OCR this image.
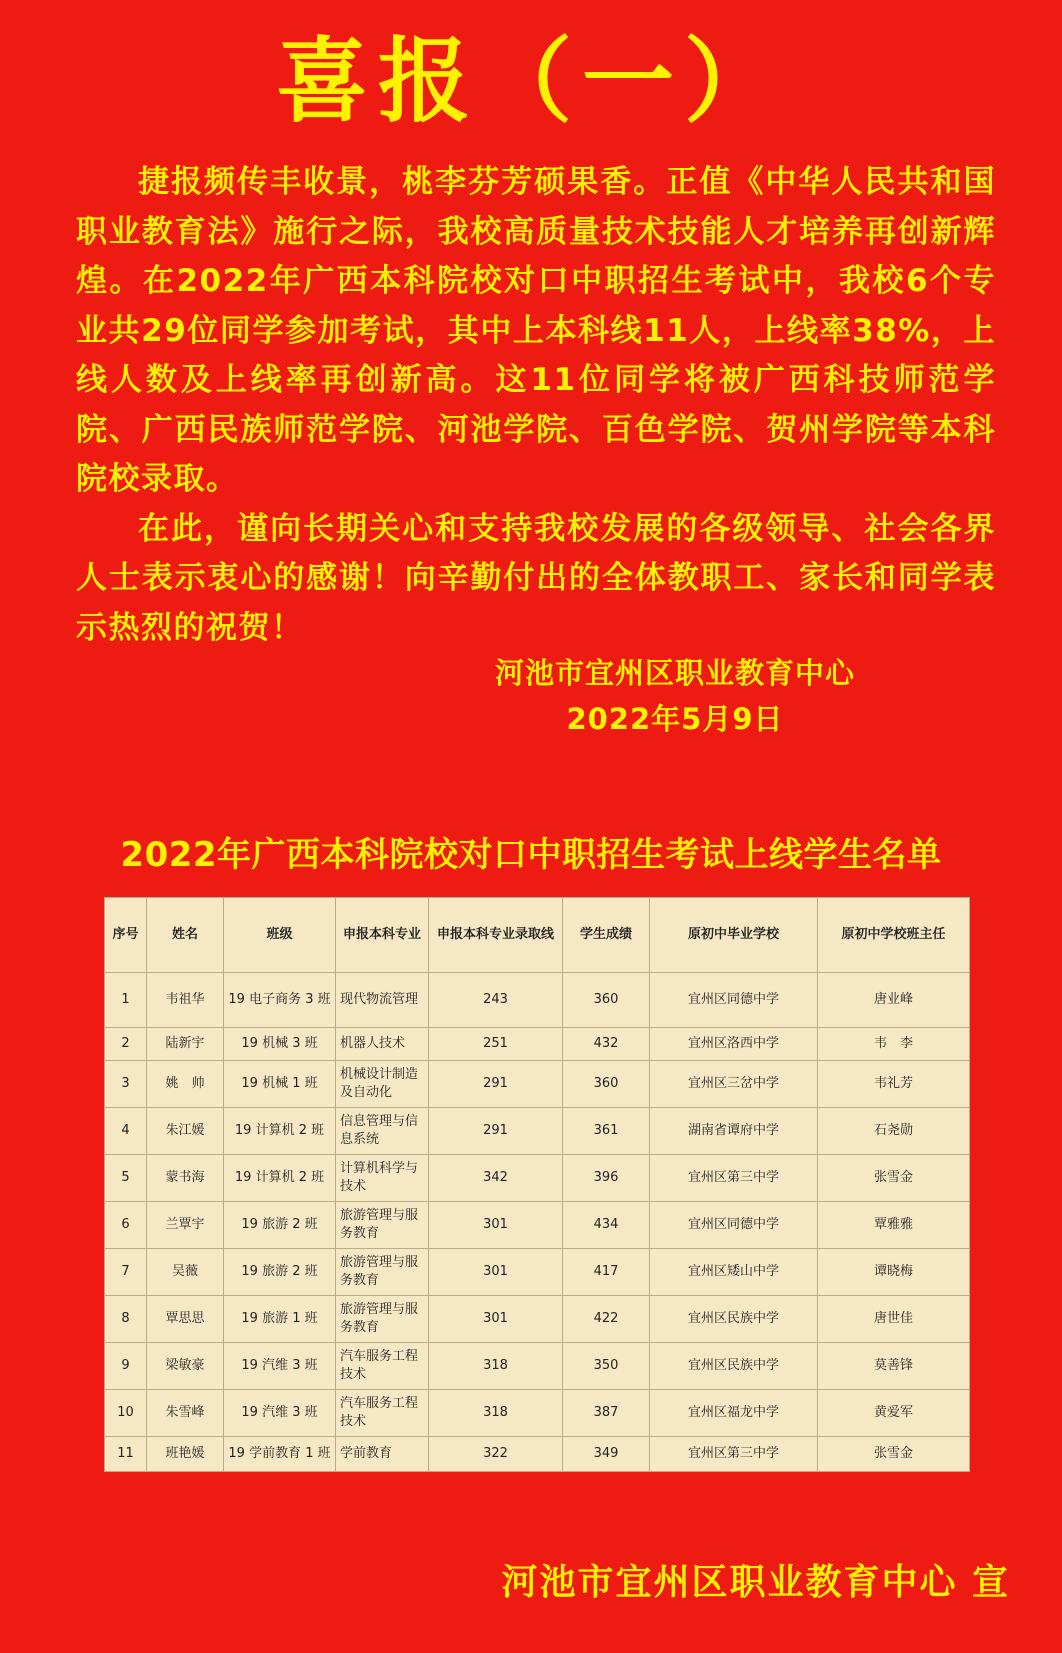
喜报（一）

捷报频传丰收景，桃李芬芳硕果香。正值《中华人民共和国职业教育法》施行之际，我校高质量技术技能人才培养再创新辉煌。在2022年广西本科院校对口中职招生考试中，我校6个专业共29位同学参加考试，其中上本科线11人，上线率38%，上线人数及上线率再创新高。这11位同学将被广西科技师范学院、广西民族师范学院、河池学院、百色学院、贺州学院等本科院校录取。

在此，谨向长期关心和支持我校发展的各级领导、社会各界人士表示衷心的感谢！向辛勤付出的全体教职工、家长和同学表示热烈的祝贺！

河池市宜州区职业教育中心
2022年5月9日
2022年广西本科院校对口中职招生考试上线学生名单
序号	姓名	班级	申报本科专业	申报本科专业录取线	学生成绩	原初中毕业学校	原初中学校班主任
1	韦祖华	19 电子商务 3 班	现代物流管理	243	360	宜州区同德中学	唐业峰
2	陆新宇	19 机械 3 班	机器人技术	251	432	宜州区洛西中学	韦　李
3	姚　帅	19 机械 1 班	机械设计制造及自动化	291	360	宜州区三岔中学	韦礼芳
4	朱江媛	19 计算机 2 班	信息管理与信息系统	291	361	湖南省谭府中学	石尧勋
5	蒙书海	19 计算机 2 班	计算机科学与技术	342	396	宜州区第三中学	张雪金
6	兰覃宇	19 旅游 2 班	旅游管理与服务教育	301	434	宜州区同德中学	覃雅雅
7	吴薇	19 旅游 2 班	旅游管理与服务教育	301	417	宜州区矮山中学	谭晓梅
8	覃思思	19 旅游 1 班	旅游管理与服务教育	301	422	宜州区民族中学	唐世佳
9	梁敏豪	19 汽维 3 班	汽车服务工程技术	318	350	宜州区民族中学	莫善锋
10	朱雪峰	19 汽维 3 班	汽车服务工程技术	318	387	宜州区福龙中学	黄爱军
11	班艳媛	19 学前教育 1 班	学前教育	322	349	宜州区第三中学	张雪金
河池市宜州区职业教育中心 宣
